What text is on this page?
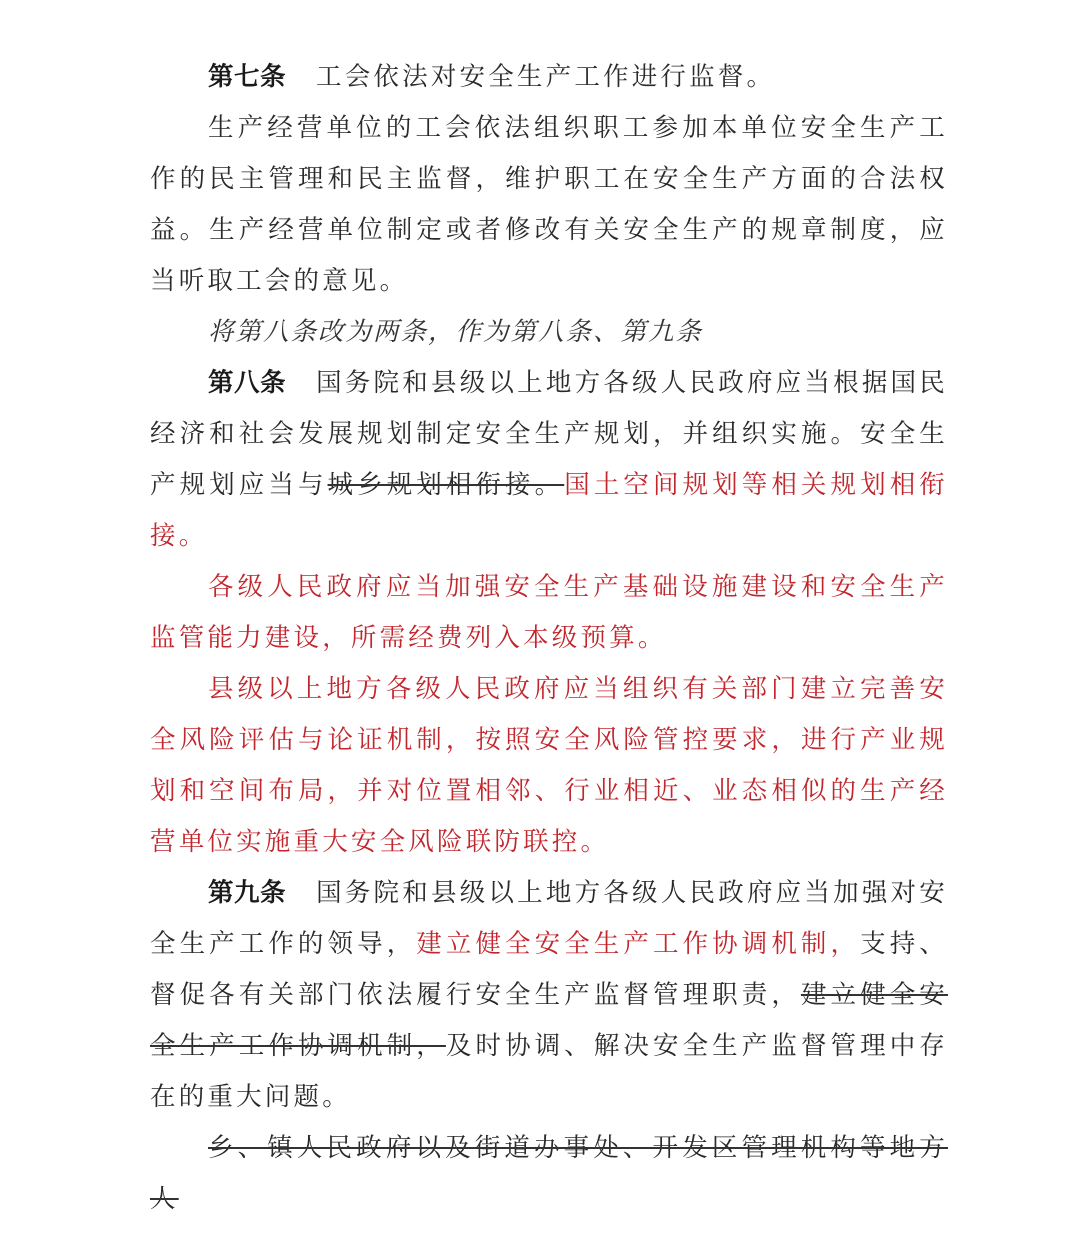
第七条 工会依法对安全生产工作进行监督。

生产经营单位的工会依法组织职工参加本单位安全生产工作的民主管理和民主监督，维护职工在安全生产方面的合法权益。生产经营单位制定或者修改有关安全生产的规章制度，应当听取工会的意见。

将第八条改为两条，作为第八条、第九条

第八条 国务院和县级以上地方各级人民政府应当根据国民经济和社会发展规划制定安全生产规划，并组织实施。安全生产规划应当与城乡规划相衔接。国土空间规划等相关规划相衔接。

各级人民政府应当加强安全生产基础设施建设和安全生产监管能力建设，所需经费列入本级预算。

县级以上地方各级人民政府应当组织有关部门建立完善安全风险评估与论证机制，按照安全风险管控要求，进行产业规划和空间布局，并对位置相邻、行业相近、业态相似的生产经营单位实施重大安全风险联防联控。

第九条 国务院和县级以上地方各级人民政府应当加强对安全生产工作的领导，建立健全安全生产工作协调机制，支持、督促各有关部门依法履行安全生产监督管理职责，建立健全安全生产工作协调机制，及时协调、解决安全生产监督管理中存在的重大问题。

乡、镇人民政府以及街道办事处、开发区管理机构等地方人
